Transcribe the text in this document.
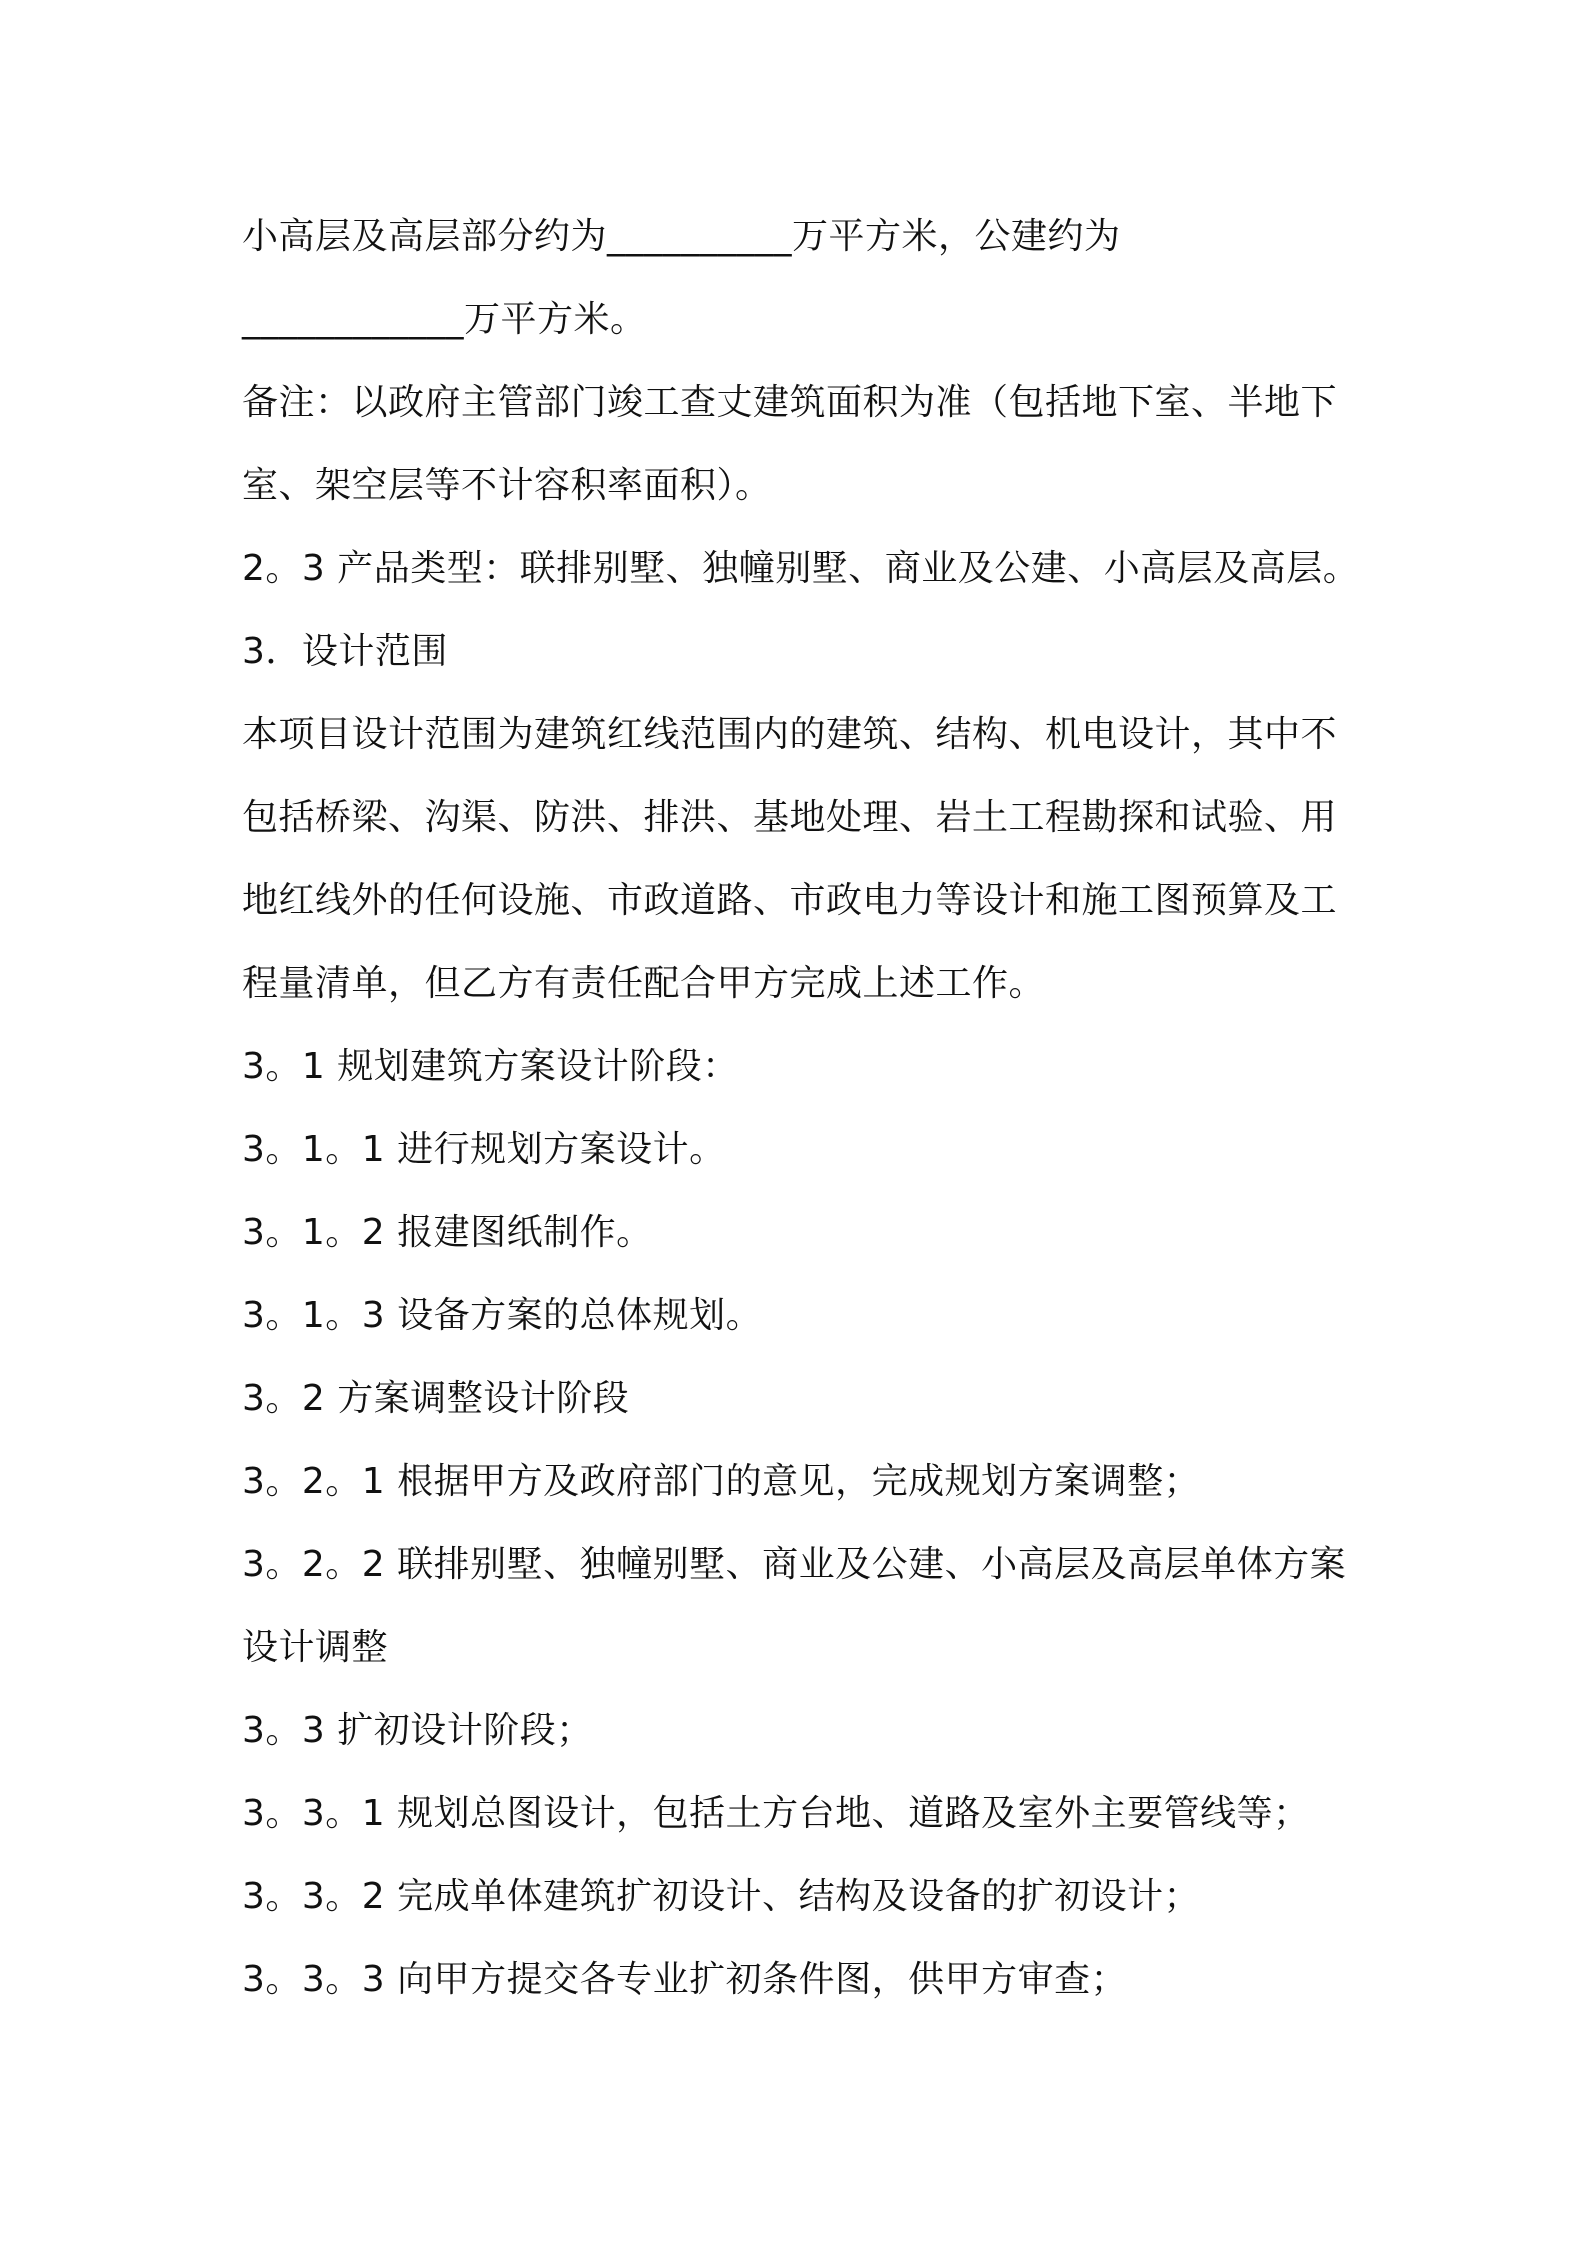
小高层及高层部分约为__________万平方米，公建约为
____________万平方米。
备注：以政府主管部门竣工查丈建筑面积为准（包括地下室、半地下
室、架空层等不计容积率面积）。
2。3 产品类型：联排别墅、独幢别墅、商业及公建、小高层及高层。
3．设计范围
本项目设计范围为建筑红线范围内的建筑、结构、机电设计，其中不
包括桥梁、沟渠、防洪、排洪、基地处理、岩土工程勘探和试验、用
地红线外的任何设施、市政道路、市政电力等设计和施工图预算及工
程量清单，但乙方有责任配合甲方完成上述工作。
3。1 规划建筑方案设计阶段：
3。1。1 进行规划方案设计。
3。1。2 报建图纸制作。
3。1。3 设备方案的总体规划。
3。2 方案调整设计阶段
3。2。1 根据甲方及政府部门的意见，完成规划方案调整；
3。2。2 联排别墅、独幢别墅、商业及公建、小高层及高层单体方案
设计调整
3。3 扩初设计阶段；
3。3。1 规划总图设计，包括土方台地、道路及室外主要管线等；
3。3。2 完成单体建筑扩初设计、结构及设备的扩初设计；
3。3。3 向甲方提交各专业扩初条件图，供甲方审查；
